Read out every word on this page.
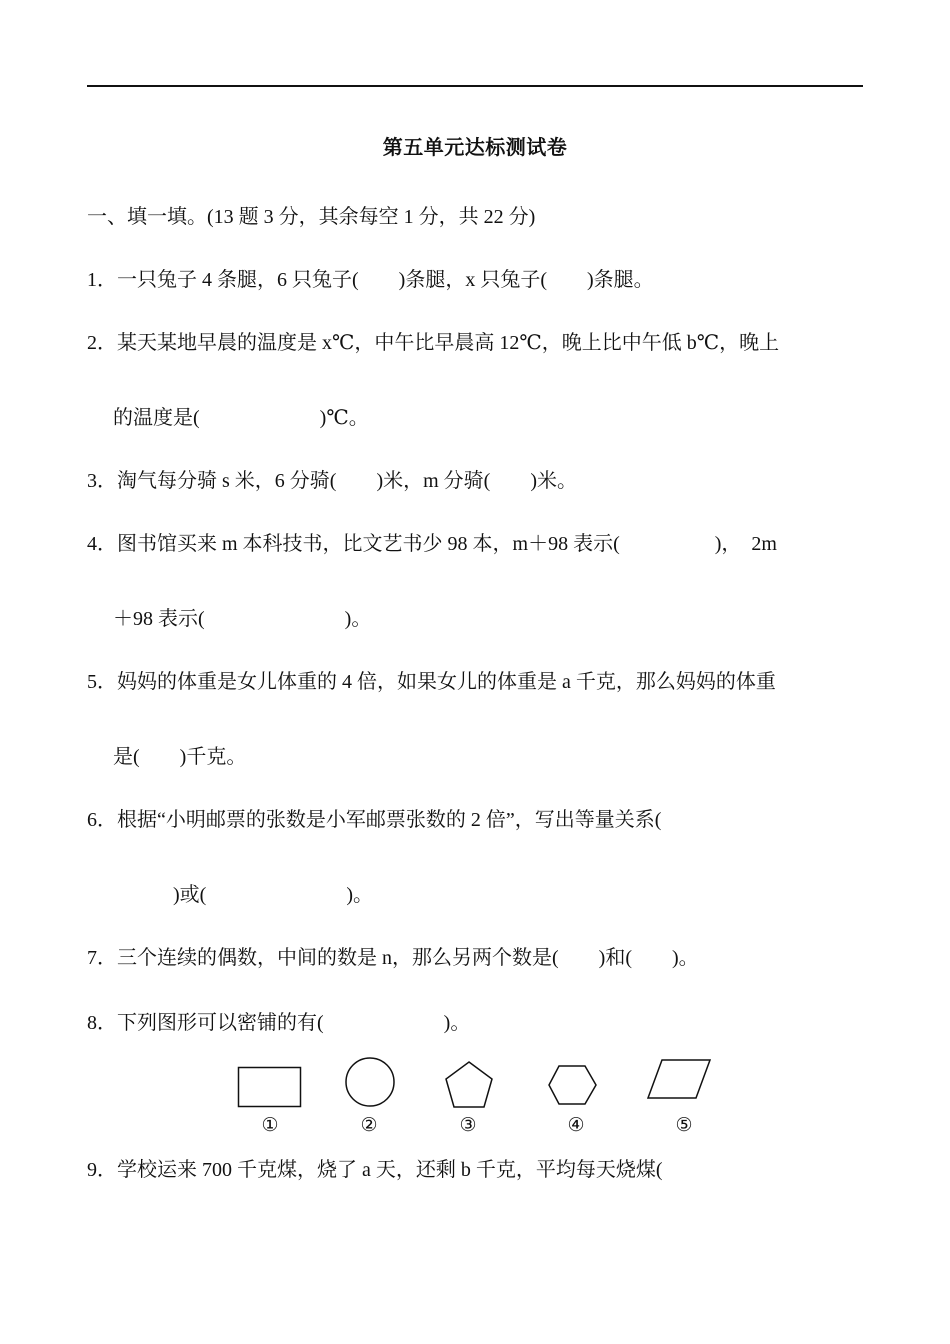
第五单元达标测试卷
一、填一填。(13 题 3 分，其余每空 1 分，共 22 分)
1．一只兔子 4 条腿，6 只兔子(        )条腿，x 只兔子(        )条腿。
2．某天某地早晨的温度是 x℃，中午比早晨高 12℃，晚上比中午低 b℃，晚上
的温度是(                        )℃。
3．淘气每分骑 s 米，6 分骑(        )米，m 分骑(        )米。
4．图书馆买来 m 本科技书，比文艺书少 98 本，m＋98 表示(                   )，  2m
＋98 表示(                            )。
5．妈妈的体重是女儿体重的 4 倍，如果女儿的体重是 a 千克，那么妈妈的体重
是(        )千克。
6．根据“小明邮票的张数是小军邮票张数的 2 倍”，写出等量关系(
)或(                            )。
7．三个连续的偶数，中间的数是 n，那么另两个数是(        )和(        )。
8．下列图形可以密铺的有(                        )。
①	②	③	④	⑤
9．学校运来 700 千克煤，烧了 a 天，还剩 b 千克，平均每天烧煤(
